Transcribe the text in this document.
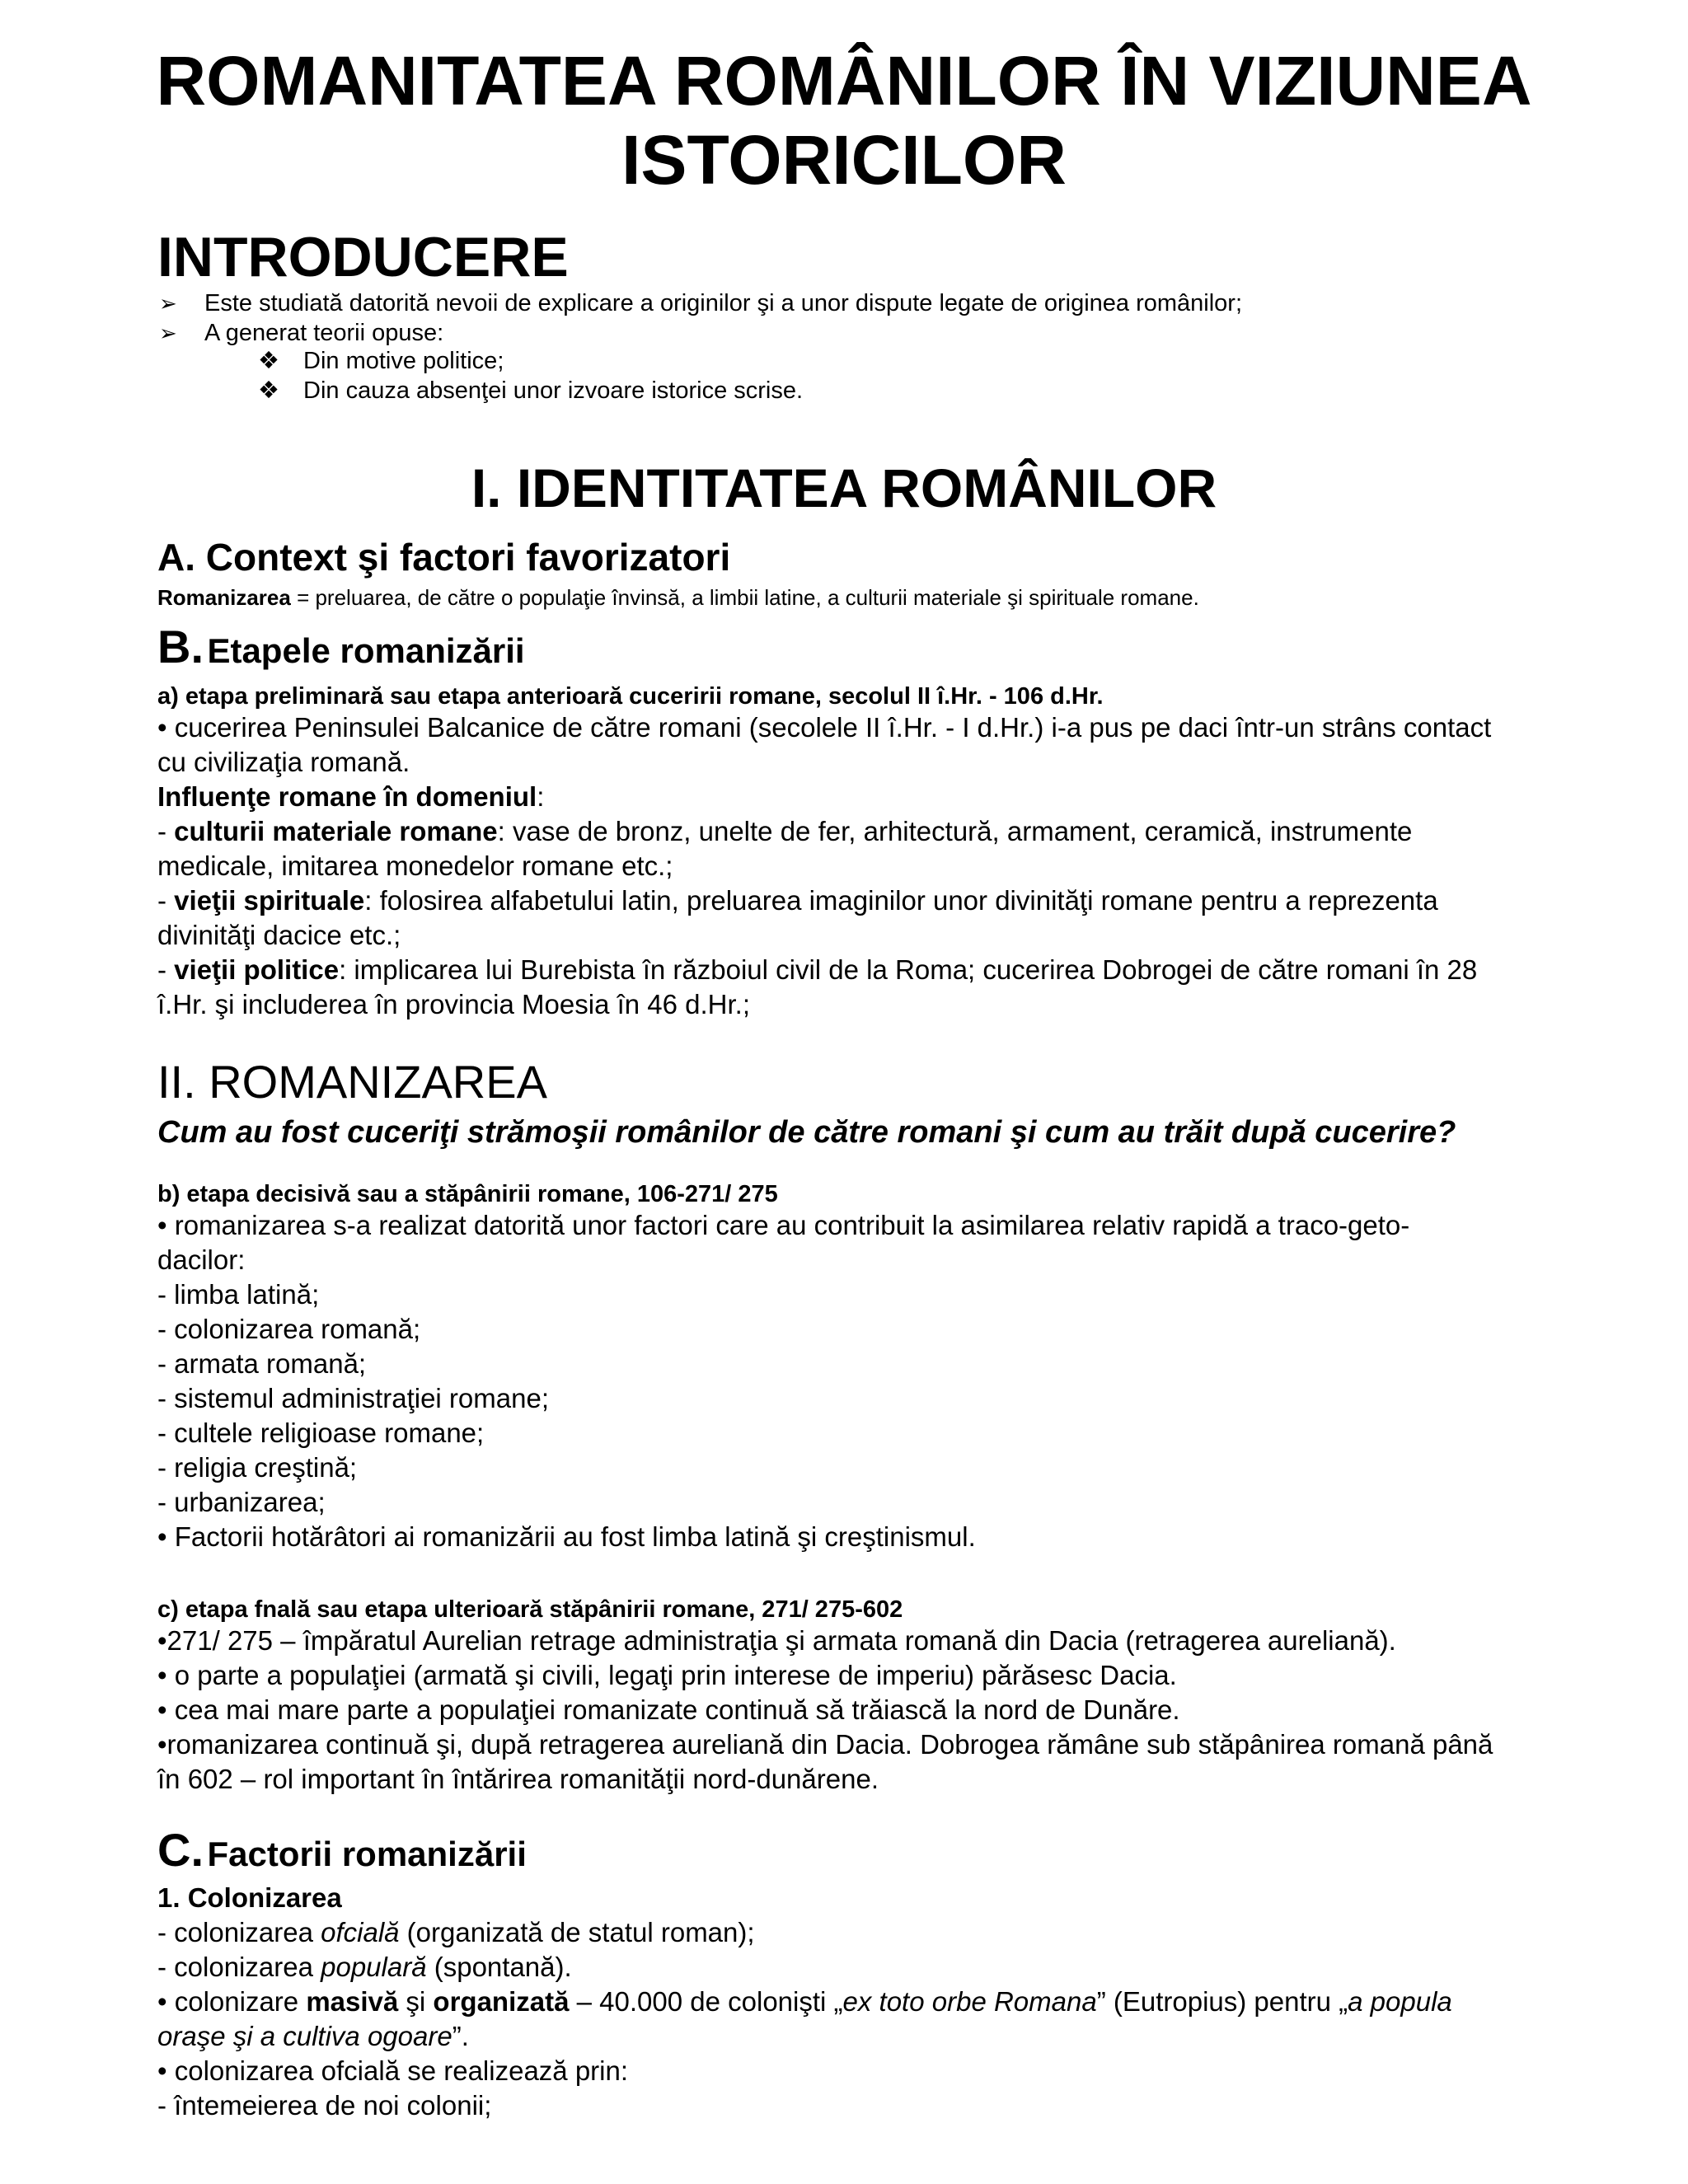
ROMANITATEA ROMÂNILOR ÎN VIZIUNEA
ISTORICILOR
INTRODUCERE
➢ Este studiată datorită nevoii de explicare a originilor şi a unor dispute legate de originea românilor;
➢ A generat teorii opuse:
❖ Din motive politice;
❖ Din cauza absenţei unor izvoare istorice scrise.
I. IDENTITATEA ROMÂNILOR
A. Context şi factori favorizatori
Romanizarea = preluarea, de către o populaţie învinsă, a limbii latine, a culturii materiale şi spirituale romane.
B. Etapele romanizării
a) etapa preliminară sau etapa anterioară cuceririi romane, secolul II î.Hr. - 106 d.Hr.
• cucerirea Peninsulei Balcanice de către romani (secolele II î.Hr. - I d.Hr.) i-a pus pe daci într-un strâns contact
cu civilizaţia romană.
Influenţe romane în domeniul:
- culturii materiale romane: vase de bronz, unelte de fer, arhitectură, armament, ceramică, instrumente
medicale, imitarea monedelor romane etc.;
- vieţii spirituale: folosirea alfabetului latin, preluarea imaginilor unor divinităţi romane pentru a reprezenta
divinităţi dacice etc.;
- vieţii politice: implicarea lui Burebista în războiul civil de la Roma; cucerirea Dobrogei de către romani în 28
î.Hr. şi includerea în provincia Moesia în 46 d.Hr.;
II. ROMANIZAREA
Cum au fost cuceriţi strămoşii românilor de către romani şi cum au trăit după cucerire?
b) etapa decisivă sau a stăpânirii romane, 106-271/ 275
• romanizarea s-a realizat datorită unor factori care au contribuit la asimilarea relativ rapidă a traco-geto-
dacilor:
- limba latină;
- colonizarea romană;
- armata romană;
- sistemul administraţiei romane;
- cultele religioase romane;
- religia creştină;
- urbanizarea;
• Factorii hotărâtori ai romanizării au fost limba latină şi creştinismul.
c) etapa fnală sau etapa ulterioară stăpânirii romane, 271/ 275-602
•271/ 275 – împăratul Aurelian retrage administraţia şi armata romană din Dacia (retragerea aureliană).
• o parte a populaţiei (armată şi civili, legaţi prin interese de imperiu) părăsesc Dacia.
• cea mai mare parte a populaţiei romanizate continuă să trăiască la nord de Dunăre.
•romanizarea continuă şi, după retragerea aureliană din Dacia. Dobrogea rămâne sub stăpânirea romană până
în 602 – rol important în întărirea romanităţii nord-dunărene.
C. Factorii romanizării
1. Colonizarea
- colonizarea ofcială (organizată de statul roman);
- colonizarea populară (spontană).
• colonizare masivă şi organizată – 40.000 de colonişti „ex toto orbe Romana” (Eutropius) pentru „a popula
oraşe şi a cultiva ogoare”.
• colonizarea ofcială se realizează prin:
- întemeierea de noi colonii;
